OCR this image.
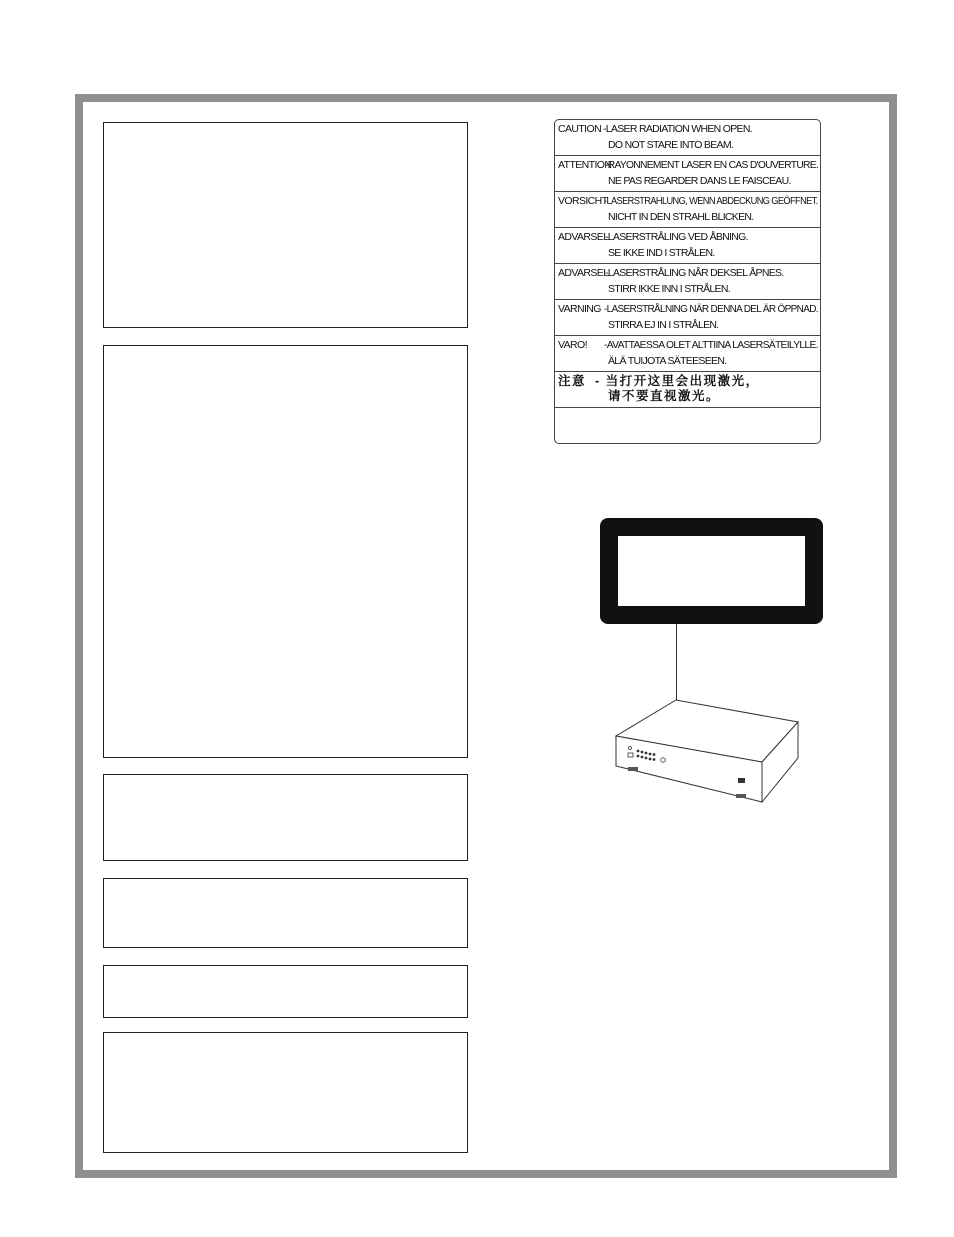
CAUTION -LASER RADIATION WHEN OPEN.
DO NOT STARE INTO BEAM.
ATTENTION
-RAYONNEMENT LASER EN CAS D'OUVERTURE.
NE PAS REGARDER DANS LE FAISCEAU.
VORSICHT
-LASERSTRAHLUNG, WENN ABDECKUNG GEÖFFNET.
NICHT IN DEN STRAHL BLICKEN.
ADVARSEL
-LASERSTRÅLING VED ÅBNING.
SE IKKE IND I STRÅLEN.
ADVARSEL
-LASERSTRÅLING NÅR DEKSEL ÅPNES.
STIRR IKKE INN I STRÅLEN.
VARNING -LASERSTRÅLNING NÄR DENNA DEL ÄR ÖPPNAD.
STIRRA EJ IN I STRÅLEN.
VARO! -AVATTAESSA OLET ALTTIINA LASERSÄTEILYLLE.
ÄLÄ TUIJOTA SÄTEESEEN.
注意 - 当打开这里会出现激光，
请不要直视激光。
